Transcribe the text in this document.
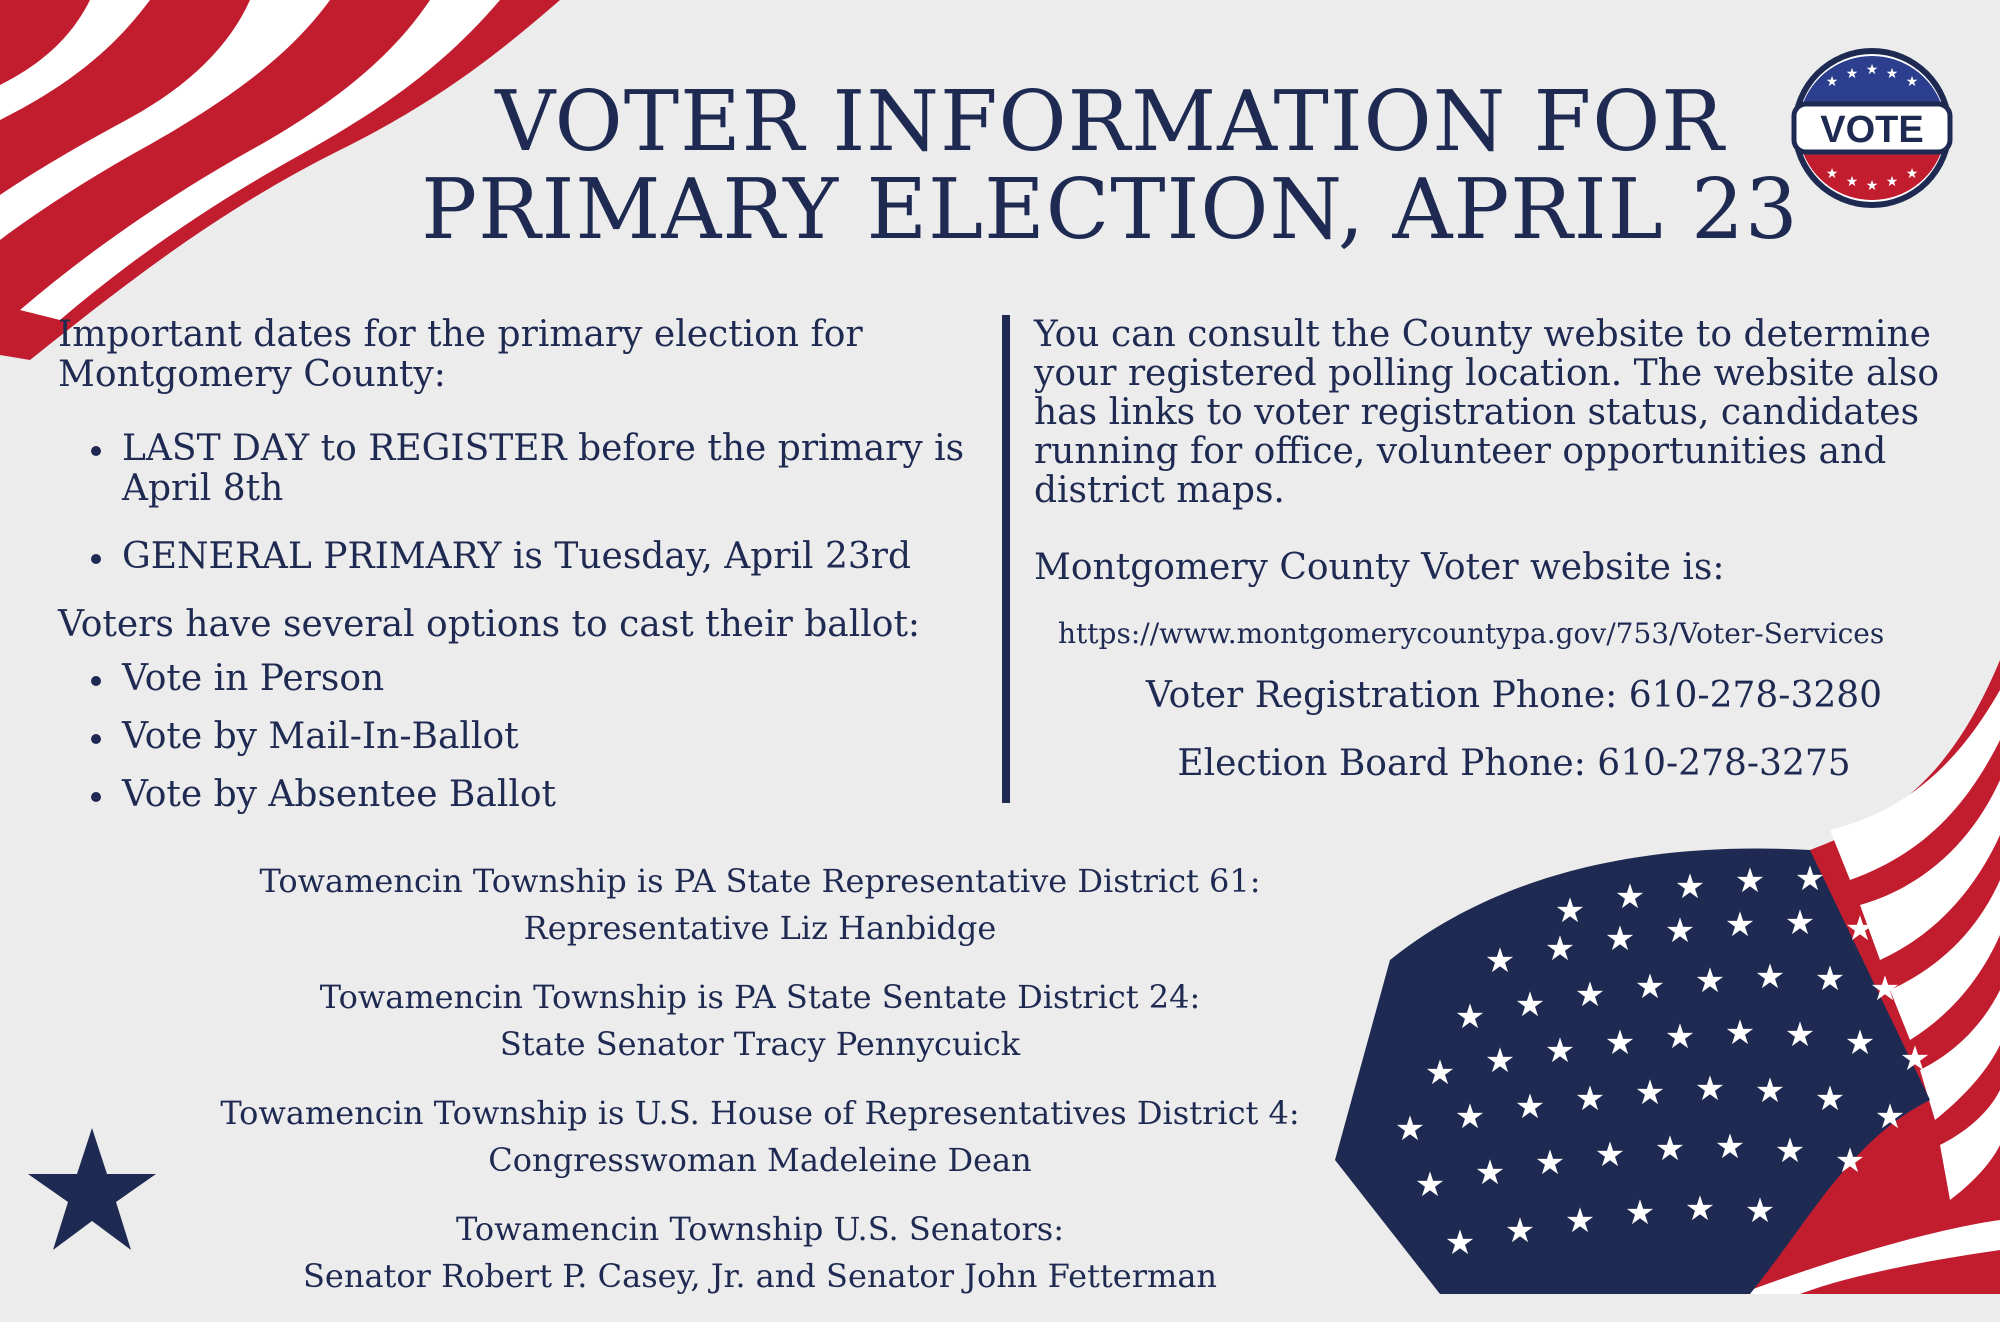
VOTER INFORMATION FOR
PRIMARY ELECTION, APRIL 23
VOTE
★ ★ ★ ★ ★
★ ★ ★ ★ ★

Important dates for the primary election for Montgomery County:

LAST DAY to REGISTER before the primary is April 8th
GENERAL PRIMARY is Tuesday, April 23rd

Voters have several options to cast their ballot:

Vote in Person
Vote by Mail-In-Ballot
Vote by Absentee Ballot

You can consult the County website to determine your registered polling location. The website also has links to voter registration status, candidates running for office, volunteer opportunities and district maps.

Montgomery County Voter website is:

https://www.montgomerycountypa.gov/753/Voter-Services

Voter Registration Phone: 610-278-3280

Election Board Phone: 610-278-3275

Towamencin Township is PA State Representative District 61:

Representative Liz Hanbidge

Towamencin Township is PA State Sentate District 24:

State Senator Tracy Pennycuick

Towamencin Township is U.S. House of Representatives District 4:

Congresswoman Madeleine Dean

Towamencin Township U.S. Senators:

Senator Robert P. Casey, Jr. and Senator John Fetterman

★ ★ ★ ★ ★
★ ★ ★ ★ ★ ★ ★
★ ★ ★ ★ ★ ★ ★ ★
★ ★ ★ ★ ★ ★ ★ ★ ★
★ ★ ★ ★ ★ ★ ★ ★ ★
★ ★ ★ ★ ★ ★ ★ ★
★ ★ ★ ★ ★ ★
